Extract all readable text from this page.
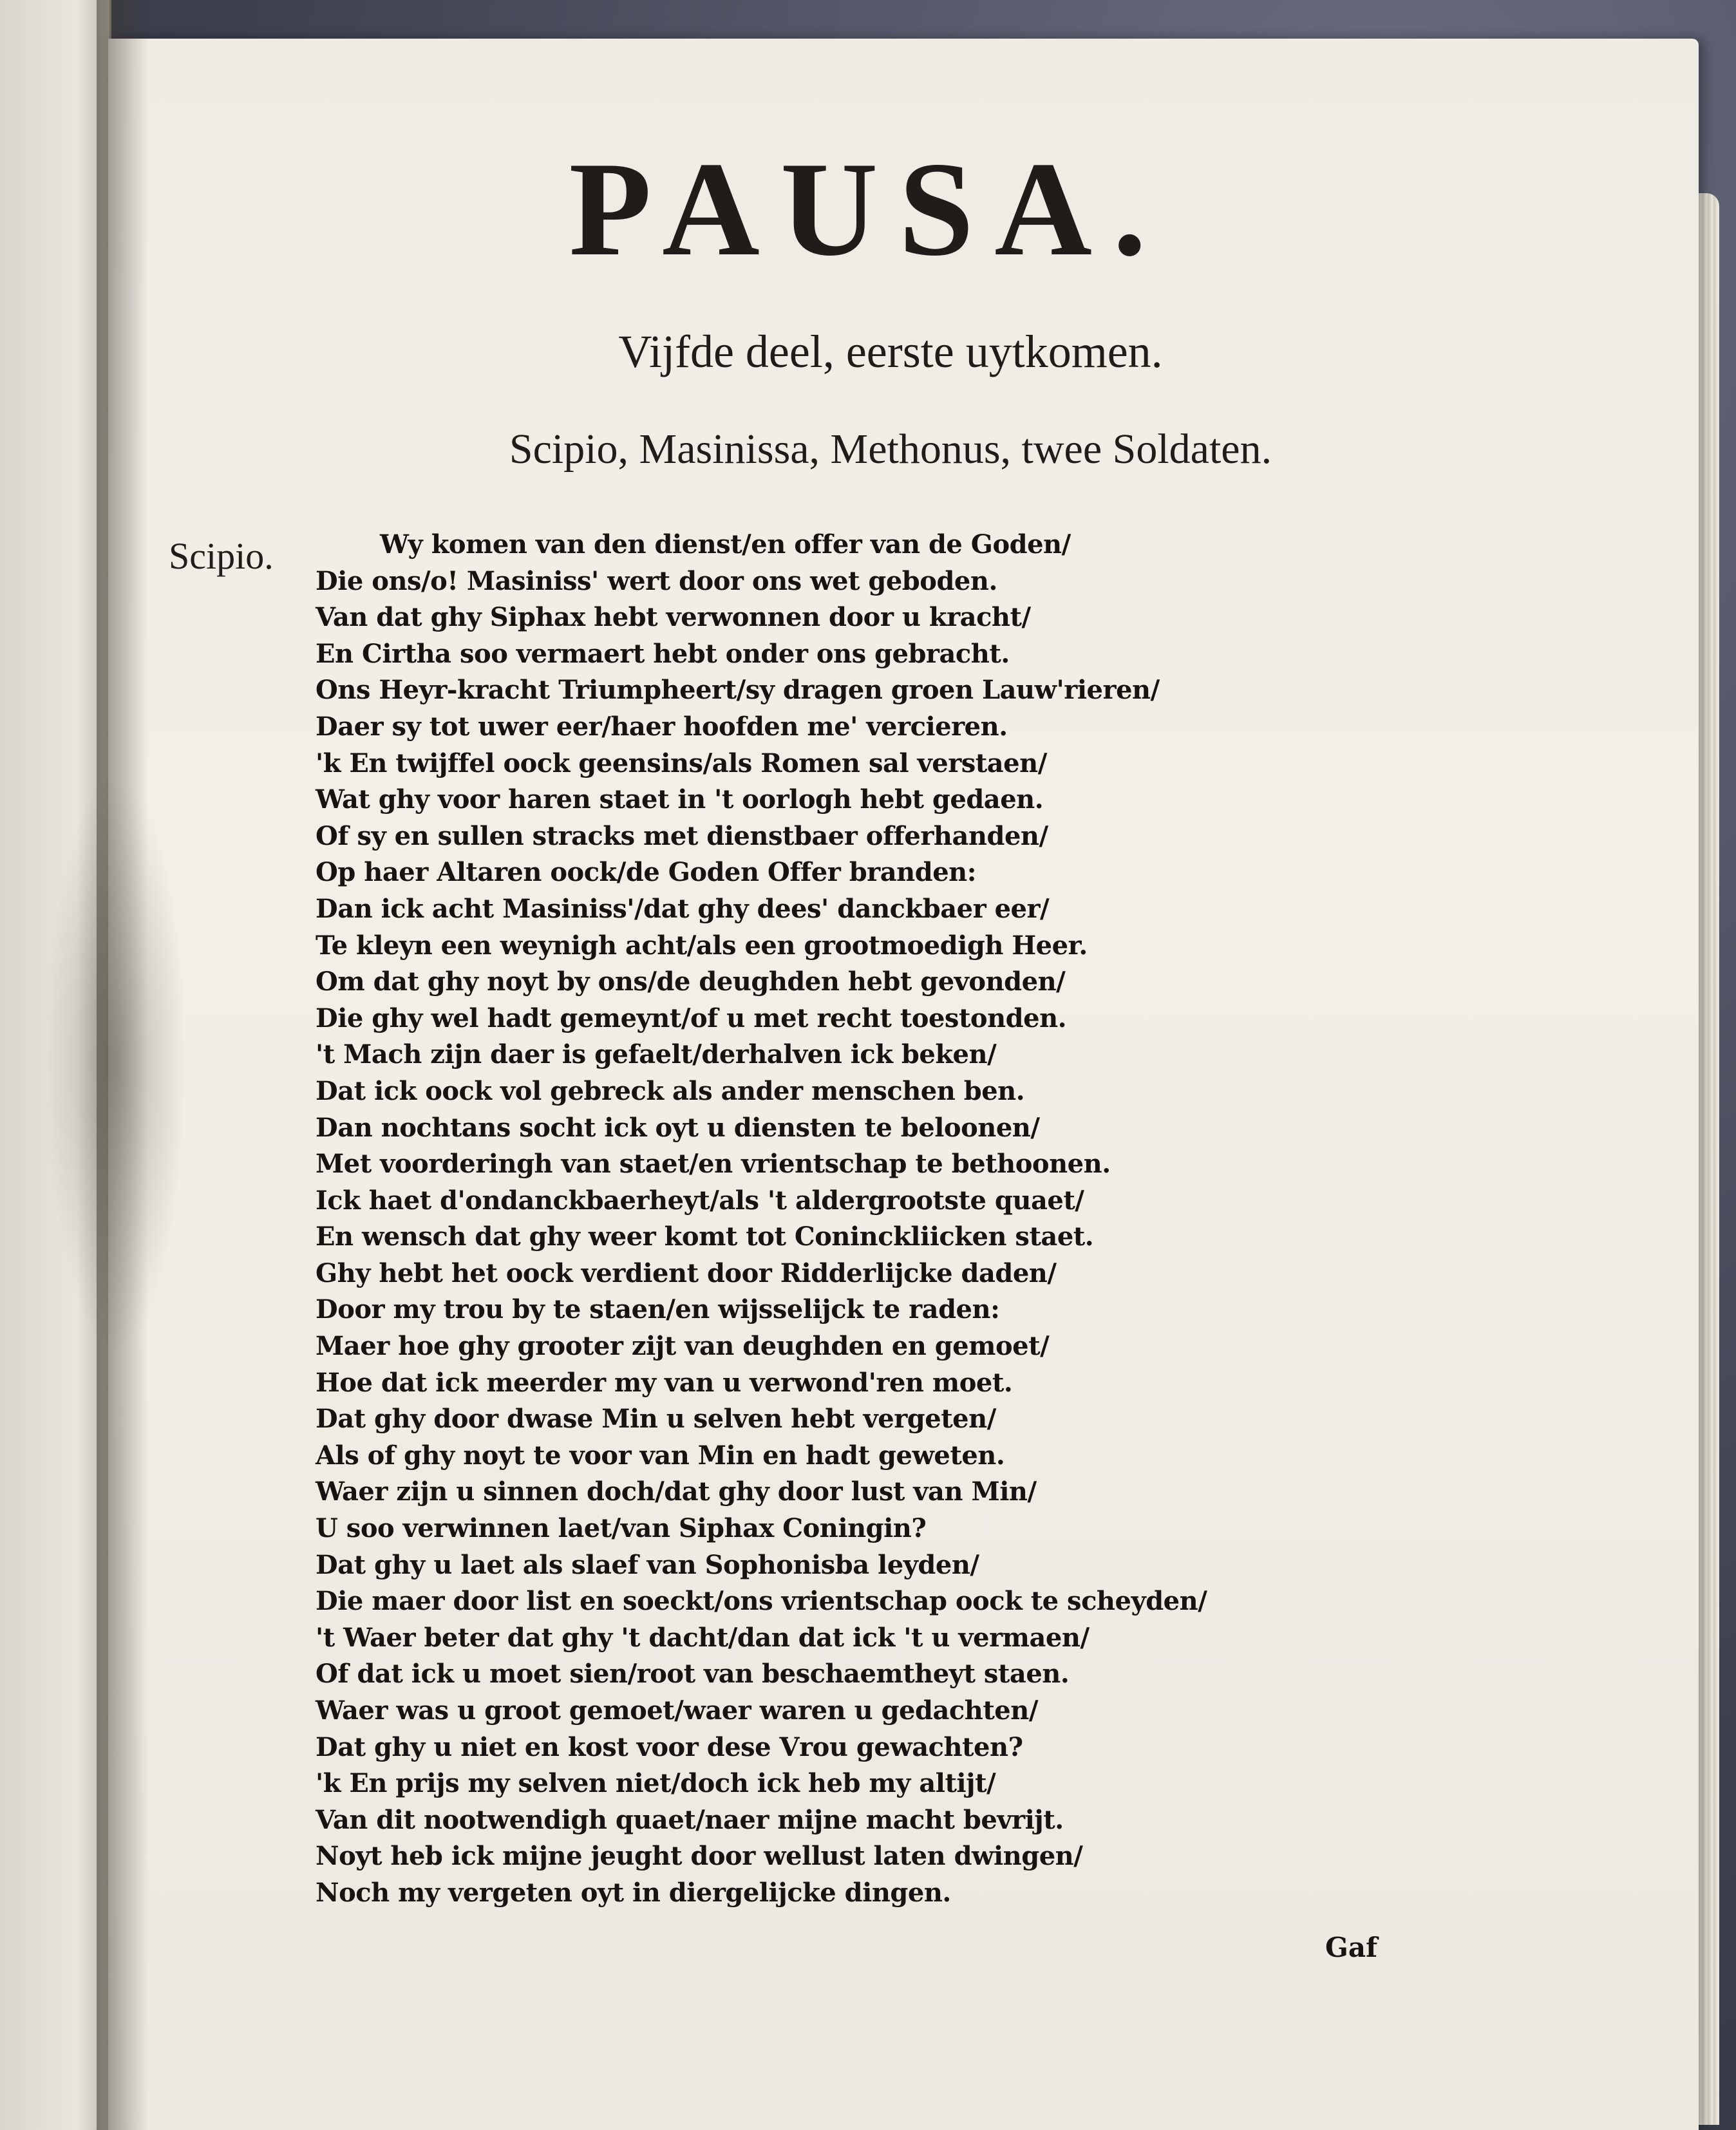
PAUSA.
Vijfde deel, eerste uytkomen.
Scipio, Masinissa, Methonus, twee Soldaten.
Scipio.	Wy komen van den dienst/en offer van de Goden/
Die ons/o! Masiniss' wert door ons wet geboden.
Van dat ghy Siphax hebt verwonnen door u kracht/
En Cirtha soo vermaert hebt onder ons gebracht.
Ons Heyr-kracht Triumpheert/sy dragen groen Lauw'rieren/
Daer sy tot uwer eer/haer hoofden me' vercieren.
'k En twijffel oock geensins/als Romen sal verstaen/
Wat ghy voor haren staet in 't oorlogh hebt gedaen.
Of sy en sullen stracks met dienstbaer offerhanden/
Op haer Altaren oock/de Goden Offer branden:
Dan ick acht Masiniss'/dat ghy dees' danckbaer eer/
Te kleyn een weynigh acht/als een grootmoedigh Heer.
Om dat ghy noyt by ons/de deughden hebt gevonden/
Die ghy wel hadt gemeynt/of u met recht toestonden.
't Mach zijn daer is gefaelt/derhalven ick beken/
Dat ick oock vol gebreck als ander menschen ben.
Dan nochtans socht ick oyt u diensten te beloonen/
Met voorderingh van staet/en vrientschap te bethoonen.
Ick haet d'ondanckbaerheyt/als 't aldergrootste quaet/
En wensch dat ghy weer komt tot Coninckliicken staet.
Ghy hebt het oock verdient door Ridderlijcke daden/
Door my trou by te staen/en wijsselijck te raden:
Maer hoe ghy grooter zijt van deughden en gemoet/
Hoe dat ick meerder my van u verwond'ren moet.
Dat ghy door dwase Min u selven hebt vergeten/
Als of ghy noyt te voor van Min en hadt geweten.
Waer zijn u sinnen doch/dat ghy door lust van Min/
U soo verwinnen laet/van Siphax Coningin?
Dat ghy u laet als slaef van Sophonisba leyden/
Die maer door list en soeckt/ons vrientschap oock te scheyden/
't Waer beter dat ghy 't dacht/dan dat ick 't u vermaen/
Of dat ick u moet sien/root van beschaemtheyt staen.
Waer was u groot gemoet/waer waren u gedachten/
Dat ghy u niet en kost voor dese Vrou gewachten?
'k En prijs my selven niet/doch ick heb my altijt/
Van dit nootwendigh quaet/naer mijne macht bevrijt.
Noyt heb ick mijne jeught door wellust laten dwingen/
Noch my vergeten oyt in diergelijcke dingen.
Gaf
